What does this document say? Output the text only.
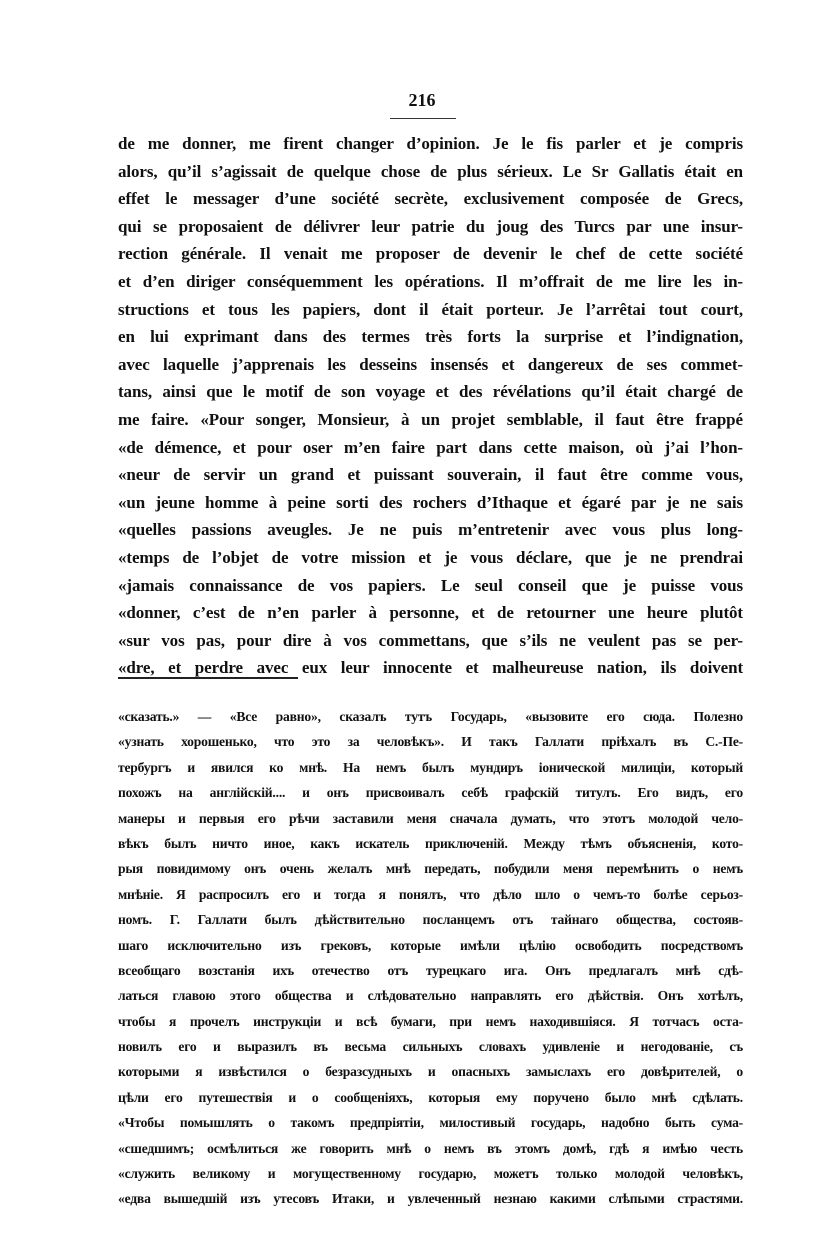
216
de me donner, me firent changer d’opinion. Je le fis parler et je compris
alors, qu’il s’agissait de quelque chose de plus sérieux. Le Sr Gallatis était en
effet le messager d’une société secrète, exclusivement composée de Grecs,
qui se proposaient de délivrer leur patrie du joug des Turcs par une insur-
rection générale. Il venait me proposer de devenir le chef de cette société
et d’en diriger conséquemment les opérations. Il m’offrait de me lire les in-
structions et tous les papiers, dont il était porteur. Je l’arrêtai tout court,
en lui exprimant dans des termes très forts la surprise et l’indignation,
avec laquelle j’apprenais les desseins insensés et dangereux de ses commet-
tans, ainsi que le motif de son voyage et des révélations qu’il était chargé de
me faire. «Pour songer, Monsieur, à un projet semblable, il faut être frappé
«de démence, et pour oser m’en faire part dans cette maison, où j’ai l’hon-
«neur de servir un grand et puissant souverain, il faut être comme vous,
«un jeune homme à peine sorti des rochers d’Ithaque et égaré par je ne sais
«quelles passions aveugles. Je ne puis m’entretenir avec vous plus long-
«temps de l’objet de votre mission et je vous déclare, que je ne prendrai
«jamais connaissance de vos papiers. Le seul conseil que je puisse vous
«donner, c’est de n’en parler à personne, et de retourner une heure plutôt
«sur vos pas, pour dire à vos commettans, que s’ils ne veulent pas se per-
«dre, et perdre avec eux leur innocente et malheureuse nation, ils doivent
«сказать.» — «Все равно», сказалъ тутъ Государь, «вызовите его сюда. Полезно
«узнать хорошенько, что это за человѣкъ». И такъ Галлати пріѣхалъ въ С.-Пе-
тербургъ и явился ко мнѣ. На немъ былъ мундиръ іонической милиціи, который
похожъ на англійскій.... и онъ присвоивалъ себѣ графскій титулъ. Его видъ, его
манеры и первыя его рѣчи заставили меня сначала думать, что этотъ молодой чело-
вѣкъ былъ ничто иное, какъ искатель приключеній. Между тѣмъ объясненія, кото-
рыя повидимому онъ очень желалъ мнѣ передать, побудили меня перемѣнить о немъ
мнѣніе. Я распросилъ его и тогда я понялъ, что дѣло шло о чемъ-то болѣе серьоз-
номъ. Г. Галлати былъ дѣйствительно посланцемъ отъ тайнаго общества, состояв-
шаго исключительно изъ грековъ, которые имѣли цѣлію освободить посредствомъ
всеобщаго возстанія ихъ отечество отъ турецкаго ига. Онъ предлагалъ мнѣ сдѣ-
латься главою этого общества и слѣдовательно направлять его дѣйствія. Онъ хотѣлъ,
чтобы я прочелъ инструкціи и всѣ бумаги, при немъ находившіяся. Я тотчасъ оста-
новилъ его и выразилъ въ весьма сильныхъ словахъ удивленіе и негодованіе, съ
которыми я извѣстился о безразсудныхъ и опасныхъ замыслахъ его довѣрителей, о
цѣли его путешествія и о сообщеніяхъ, которыя ему поручено было мнѣ сдѣлать.
«Чтобы помышлять о такомъ предпріятіи, милостивый государь, надобно быть сума-
«сшедшимъ; осмѣлиться же говорить мнѣ о немъ въ этомъ домѣ, гдѣ я имѣю честь
«служить великому и могущественному государю, можетъ только молодой человѣкъ,
«едва вышедшій изъ утесовъ Итаки, и увлеченный незнаю какими слѣпыми страстями.
